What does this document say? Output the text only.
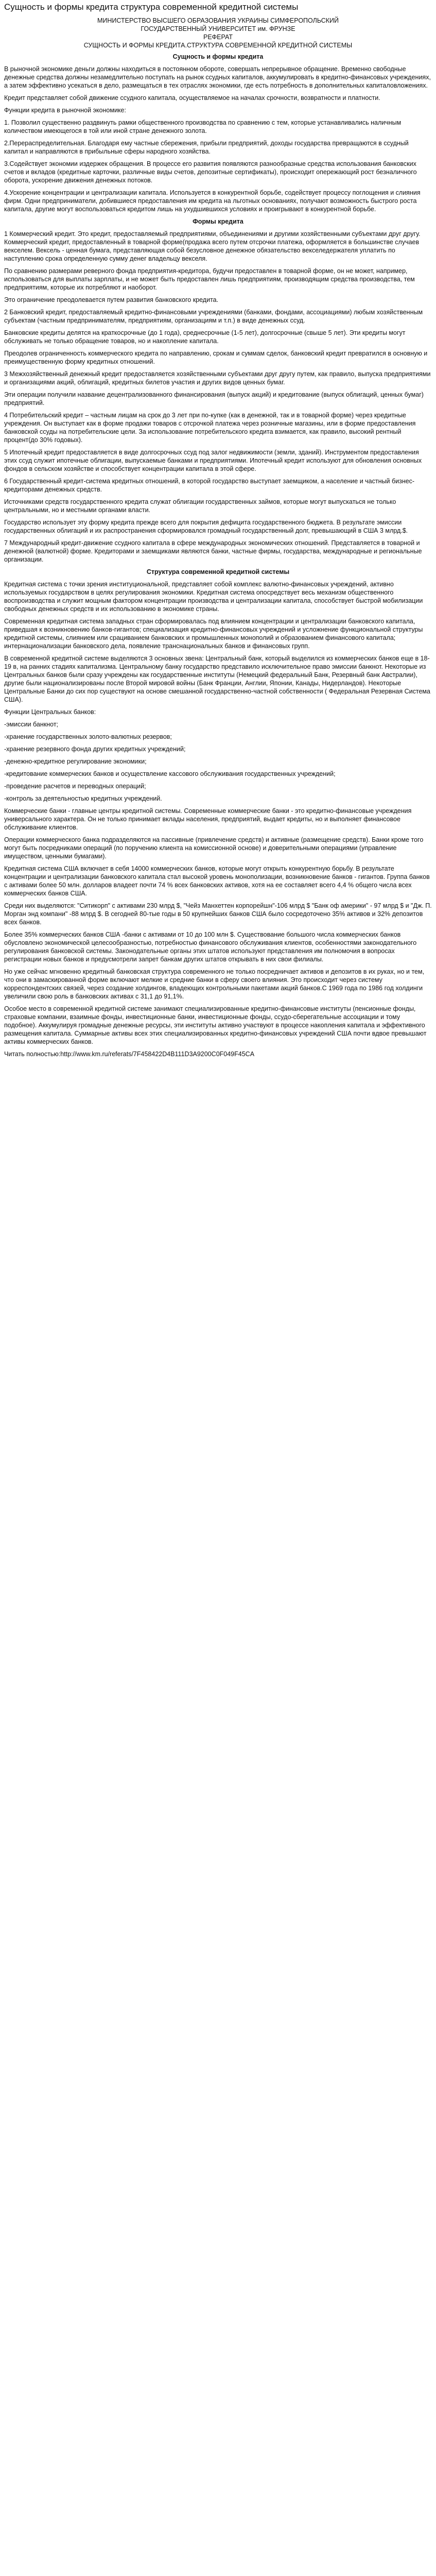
Сущность и формы кредита структура современной кредитной системы

МИНИСТЕРСТВО ВЫСШЕГО ОБРАЗОВАНИЯ УКРАИНЫ СИМФЕРОПОЛЬСКИЙ

ГОСУДАРСТВЕННЫЙ УНИВЕРСИТЕТ им. ФРУНЗЕ

РЕФЕРАТ

СУЩНОСТЬ И ФОРМЫ КРЕДИТА.СТРУКТУРА СОВРЕМЕННОЙ КРЕДИТНОЙ СИСТЕМЫ

Сущность и формы кредита

В рыночной экономике деньги должны находиться в постоянном оборотe, совершать непрерывное обращение. Временно свободные денежные средства должны незамедлительно поступать на рынок ссудных капиталов, аккумулировать в кредитно-финансовых учреждениях, а затем эффективно усекаться в дело, размещаться в тех отраслях экономики, где есть потребность в дополнительных капиталовложениях.

Кредит представляет собой движение ссудного капитала, осуществляемое на началах срочности, возвратности и платности.

Функции кредита в рыночной экономике:

1. Позволил существенно раздвинуть рамки общественного производства по сравнению с тем, которые устанавливались наличным количеством имеющегося в той или иной стране денежного золота.

2.Перераспределительная. Благодаря ему частные сбережения, прибыли предприятий, доходы государства превращаются в ссудный капитал и направляются в прибыльные сферы народного хозяйства.

3.Содействует экономии издержек обращения. В процессе его развития появляются разнообразные средства использования банковских счетов и вкладов (кредитные карточки, различные виды счетов, депозитные сертификаты), происходит опережающий рост безналичного оборота, ускорение движения денежных потоков.

4.Ускорение концентрации и централизации капитала. Используется в конкурентной борьбе, содействует процессу поглощения и слияния фирм. Одни предприниматели, добившиеся предоставления им кредита на льготных основаниях, получают возможность быстрого роста капитала, другие могут воспользоваться кредитом лишь на ухудшившихся условиях и проигрывают в конкурентной борьбе.

Формы кредита

1 Коммерческий кредит. Это кредит, предоставляемый предприятиями, объединениями и другими хозяйственными субъектами друг другу. Коммерческий кредит, предоставленный в товарной форме(продажа всего путем отсрочки платежа, оформляется в большинстве случаев векселем. Вексель - ценная бумага, представляющая собой безусловное денежное обязательство векселедержателя уплатить по наступлению срока определенную сумму денег владельцу векселя.

По сравнению размерами реверного фонда предприятия-кредитора, будучи предоставлен в товарной форме, он не может, например, использоваться для выплаты зарплаты, и не может быть предоставлен лишь предприятиям, производящим средства производства, тем предприятиям, которые их потребляют и наоборот.

Это ограничение преодолевается путем развития банковского кредита.

2 Банковский кредит, предоставляемый кредитно-финансовыми учреждениями (банками, фондами, ассоциациями) любым хозяйственным субъектам (частным предпринимателям, предприятиям, организациям и т.п.) в виде денежных ссуд.

Банковские кредиты делятся на краткосрочные (до 1 года), среднесрочные (1-5 лет), долгосрочные (свыше 5 лет). Эти кредиты могут обслуживать не только обращение товаров, но и накопление капитала.

Преодолев ограниченность коммерческого кредита по направлению, срокам и суммам сделок, банковский кредит превратился в основную и преимущественную форму кредитных отношений.

3 Межхозяйственный денежный кредит предоставляется хозяйственными субъектами друг другу путем, как правило, выпуска предприятиями и организациями акций, облигаций, кредитных билетов участия и других видов ценных бумаг.

Эти операции получили название децентрализованного финансирования (выпуск акций) и кредитование (выпуск облигаций, ценных бумаг) предприятий.

4 Потребительский кредит – частным лицам на срок до 3 лет при по-купке (как в денежной, так и в товарной форме) через кредитные учреждения. Он выступает как в форме продажи товаров с отсрочкой платежа через розничные магазины, или в форме предоставления банковской ссуды на потребительские цели. За использование потребительского кредита взимается, как правило, высокий рентный процент(до 30% годовых).

5 Ипотечный кредит предоставляется в виде долгосрочных ссуд под залог недвижимости (земли, зданий). Инструментом предоставления этих ссуд служит ипотечные облигации, выпускаемые банками и предприятиями. Ипотечный кредит используют для обновления основных фондов в сельском хозяйстве и способствует концентрации капитала в этой сфере.

6 Государственный кредит-система кредитных отношений, в которой государство выступает заемщиком, а население и частный бизнес-кредиторами денежных средств.

Источниками средств государственного кредита служат облигации государственных займов, которые могут выпускаться не только центральными, но и местными органами власти.

Государство использует эту форму кредита прежде всего для покрытия дефицита государственного бюджета. В результате эмиссии государственных облигаций и их распространения сформировался громадный государственный долг, превышающий в США 3 млрд.$.

7 Международный кредит-движение ссудного капитала в сфере международных экономических отношений. Представляется в товарной и денежной (валютной) форме. Кредиторами и заемщиками являются банки, частные фирмы, государства, международные и региональные организации.

Структура современной кредитной системы

Кредитная система с точки зрения институциональной, представляет собой комплекс валютно-финансовых учреждений, активно используемых государством в целях регулирования экономики. Кредитная система опосредствует весь механизм общественного воспроизводства и служит мощным фактором концентрации производства и централизации капитала, способствует быстрой мобилизации свободных денежных средств и их использованию в экономике страны.

Современная кредитная система западных стран сформировалась под влиянием концентрации и централизации банковского капитала, приведшая к возникновению банков-гигантов; специализация кредитно-финансовых учреждений и усложнение функциональной структуры кредитной системы, слиянием или срациванием банковских и промышленных монополий и образованием финансового капитала; интернационализации банковского дела, появление транснациональных банков и финансовых групп.

В современной кредитной системе выделяются 3 основных звена: Центральный банк, который выделился из коммерческих банков еще в 18-19 в, на ранних стадиях капитализма. Центральному банку государство представило исключительное право эмиссии банкнот. Некоторые из Центральных банков были сразу учреждены как государственные институты (Немецкий федеральный Банк, Резервный банк Австралии), другие были национализированы после Второй мировой войны (Банк Франции, Англии, Японии, Канады, Нидерландов). Некоторые Центральные Банки до сих пор существуют на основе смешанной государственно-частной собственности ( Федеральная Резервная Система США).

Функции Центральных банков:

-эмиссии банкнот;

-хранение государственных золото-валютных резервов;

-хранение резервного фонда других кредитных учреждений;

-денежно-кредитное регулирование экономики;

-кредитование коммерческих банков и осуществление кассового обслуживания государственных учреждений;

-проведение расчетов и переводных операций;

-контроль за деятельностью кредитных учреждений.

Коммерческие банки - главные центры кредитной системы. Современные коммерческие банки - это кредитно-финансовые учреждения универсального характера. Он не только принимает вклады населения, предприятий, выдает кредиты, но и выполняет финансовое обслуживание клиентов.

Операции коммерческого банка подразделяются на пассивные (привлечение средств) и активные (размещение средств). Банки кроме того могут быть посредниками операций (по поручению клиента на комиссионной основе) и доверительными операциями (управление имуществом, ценными бумагами).

Кредитная система США включает в себя 14000 коммерческих банков, которые могут открыть конкурентную борьбу. В результате концентрации и централизации банковского капитала стал высокой уровень монополизации, возникновение банков - гигантов. Группа банков с активами более 50 млн. долларов владеет почти 74 % всех банковских активов, хотя на ее составляет всего 4,4 % общего числа всех коммерческих банков США.

Среди них выделяются: "Ситикорп" с активами 230 млрд $, "Чейз Манхеттен корпорейшн"-106 млрд $ "Банк оф америки" - 97 млрд $ и "Дж. П. Морган энд компани" -88 млрд $. В сегодней 80-тые годы в 50 крупнейших банков США было сосредоточено 35% активов и 32% депозитов всех банков.

Более 35% коммерческих банков США -банки с активами от 10 до 100 млн $. Существование большого числа коммерческих банков обусловлено экономической целесообразностью, потребностью финансового обслуживания клиентов, особенностями законодательного регулирования банковской системы. Законодательные органы этих штатов используют представления им полномочия в вопросах регистрации новых банков и предусмотрели запрет банкам других штатов открывать в них свои филиалы.

Но уже сейчас мгновенно кредитный банковская структура современного не только посредничает активов и депозитов в их руках, но и тем, что они в замаскированной форме включают мелкие и средние банки в сферу своего влияния. Это происходит через систему корреспондентских связей, через создание холдингов, владеющих контрольными пакетами акций банков.С 1969 года по 1986 год холдинги увеличили свою роль в банковских активах с 31,1 до 91,1%.

Особое место в современной кредитной системе занимают специализированные кредитно-финансовые институты (пенсионные фонды, страховые компании, взаимные фонды, инвестиционные банки, инвестиционные фонды, ссудо-сберегательные ассоциации и тому подобное). Аккумулируя громадные денежные ресурсы, эти институты активно участвуют в процессе накопления капитала и эффективного размещения капитала. Суммарные активы всех этих специализированных кредитно-финансовых учреждений США почти вдвое превышают активы коммерческих банков.

Читать полностью:http://www.km.ru/referats/7F458422D4B111D3A9200C0F049F45CA
